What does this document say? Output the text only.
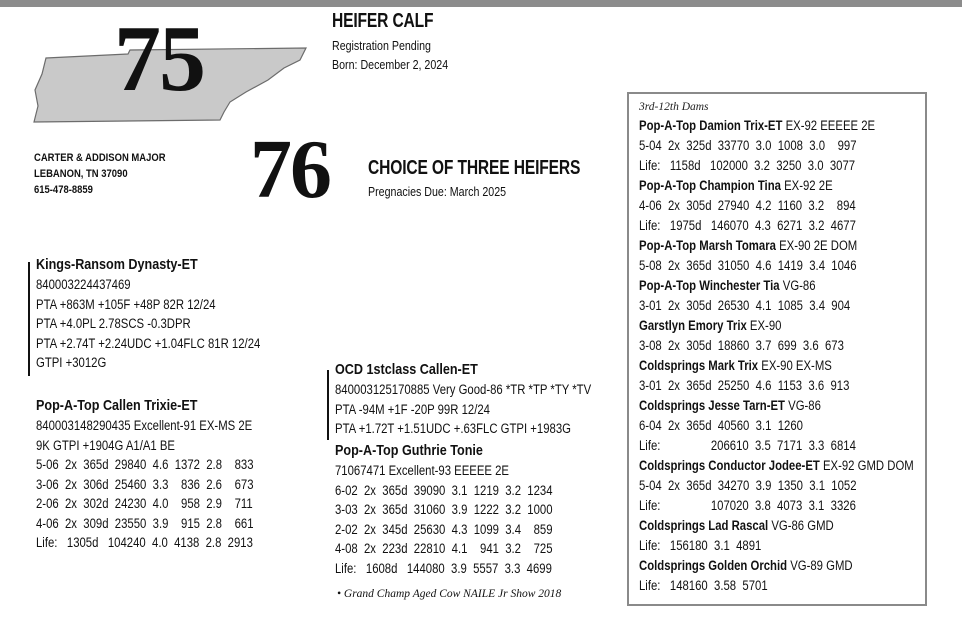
75	HEIFER CALF
Registration Pending
Born: December 2, 2024
CARTER & ADDISON MAJOR
LEBANON, TN 37090
615-478-8859	76 CHOICE OF THREE HEIFERS
Pregnacies Due: March 2025
Kings-Ransom Dynasty-ET
840003224437469
PTA +863M +105F +48P 82R 12/24
PTA +4.0PL 2.78SCS -0.3DPR
PTA +2.74T +2.24UDC +1.04FLC 81R 12/24
GTPI +3012G
Pop-A-Top Callen Trixie-ET
840003148290435 Excellent-91 EX-MS 2E
9K GTPI +1904G A1/A1 BE
5-06  2x  365d  29840  4.6  1372  2.8    833
3-06  2x  306d  25460  3.3    836  2.6    673
2-06  2x  302d  24230  4.0    958  2.9    711
4-06  2x  309d  23550  3.9    915  2.8    661
Life:   1305d   104240  4.0  4138  2.8  2913
OCD 1stclass Callen-ET
840003125170885 Very Good-86 *TR *TP *TY *TV
PTA -94M +1F -20P 99R 12/24
PTA +1.72T +1.51UDC +.63FLC GTPI +1983G
Pop-A-Top Guthrie Tonie
71067471 Excellent-93 EEEEE 2E
6-02  2x  365d  39090  3.1  1219  3.2  1234
3-03  2x  365d  31060  3.9  1222  3.2  1000
2-02  2x  345d  25630  4.3  1099  3.4    859
4-08  2x  223d  22810  4.1    941  3.2    725
Life:   1608d   144080  3.9  5557  3.3  4699
• Grand Champ Aged Cow NAILE Jr Show 2018
3rd-12th Dams
Pop-A-Top Damion Trix-ET EX-92 EEEEE 2E
5-04  2x  325d  33770  3.0  1008  3.0    997
Life:   1158d   102000  3.2  3250  3.0  3077
Pop-A-Top Champion Tina EX-92 2E
4-06  2x  305d  27940  4.2  1160  3.2    894
Life:   1975d   146070  4.3  6271  3.2  4677
Pop-A-Top Marsh Tomara EX-90 2E DOM
5-08  2x  365d  31050  4.6  1419  3.4  1046
Pop-A-Top Winchester Tia VG-86
3-01  2x  305d  26530  4.1  1085  3.4  904
Garstlyn Emory Trix EX-90
3-08  2x  305d  18860  3.7  699  3.6  673
Coldsprings Mark Trix EX-90 EX-MS
3-01  2x  365d  25250  4.6  1153  3.6  913
Coldsprings Jesse Tarn-ET VG-86
6-04  2x  365d  40560  3.1  1260
Life:                206610  3.5  7171  3.3  6814
Coldsprings Conductor Jodee-ET EX-92 GMD DOM
5-04  2x  365d  34270  3.9  1350  3.1  1052
Life:                107020  3.8  4073  3.1  3326
Coldsprings Lad Rascal VG-86 GMD
Life:   156180  3.1  4891
Coldsprings Golden Orchid VG-89 GMD
Life:   148160  3.58  5701
